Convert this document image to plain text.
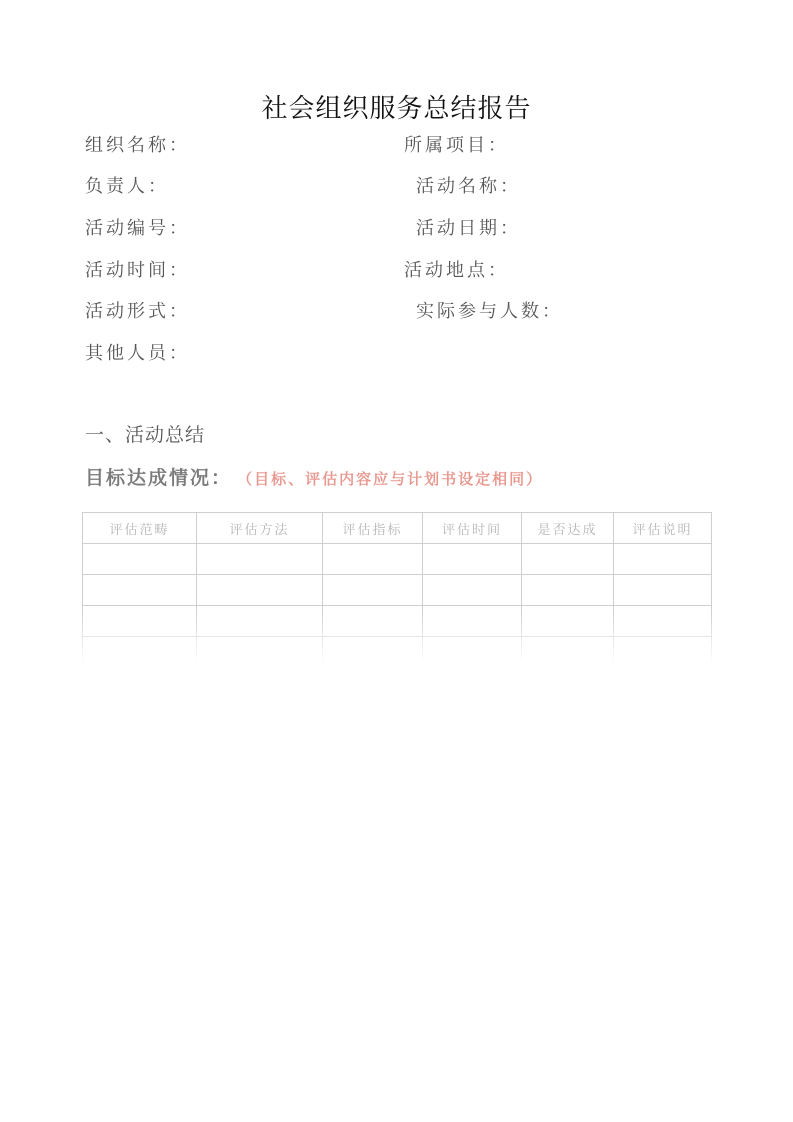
社会组织服务总结报告
组织名称：	所属项目：
负责人：	活动名称：
活动编号：	活动日期：
活动时间：	活动地点：
活动形式：	实际参与人数：
其他人员：
一、活动总结
目标达成情况： （目标、评估内容应与计划书设定相同）
评估范畴	评估方法	评估指标	评估时间	是否达成	评估说明
